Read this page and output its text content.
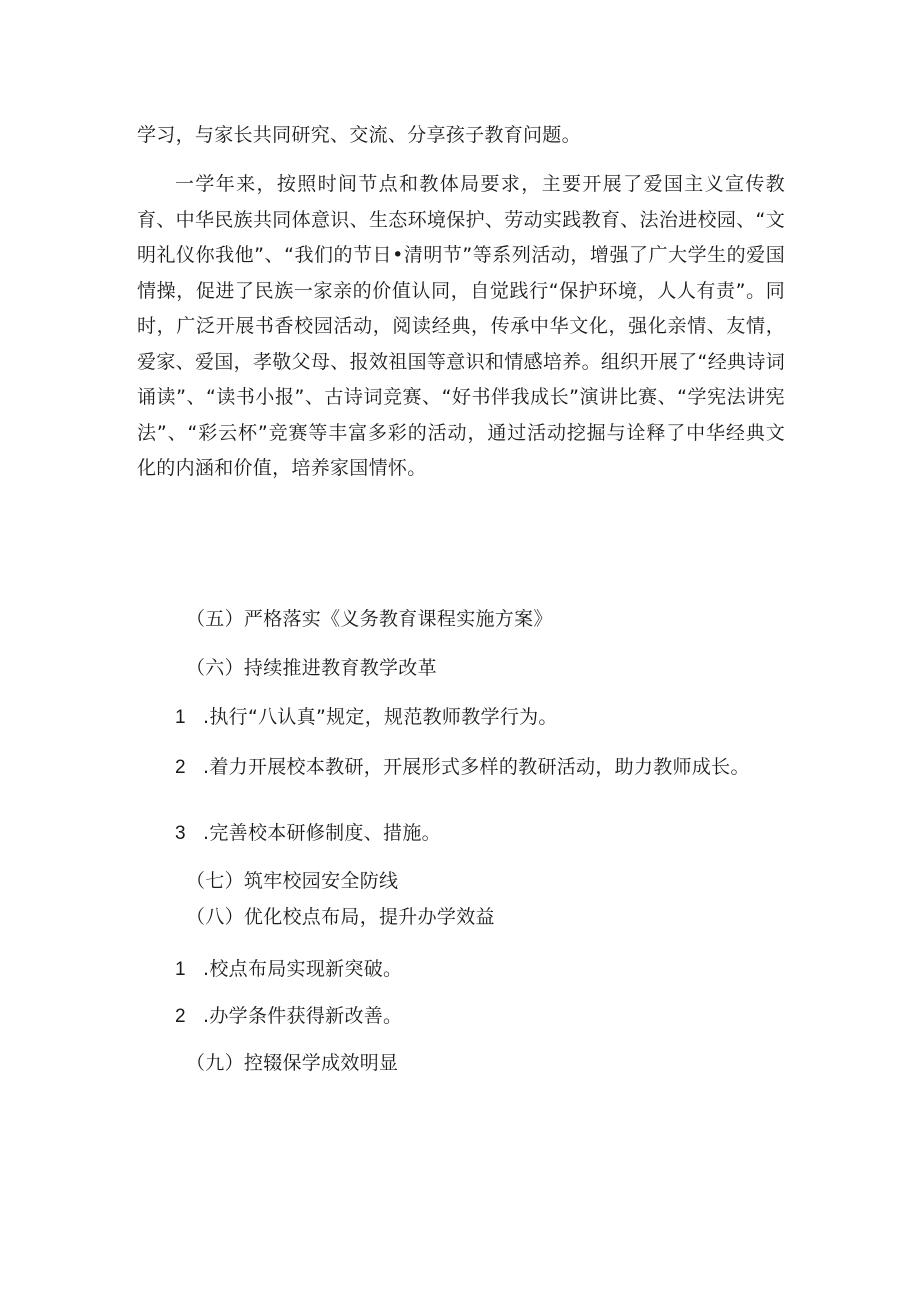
学习，与家长共同研究、交流、分享孩子教育问题。

一学年来，按照时间节点和教体局要求，主要开展了爱国主义宣传教育、中华民族共同体意识、生态环境保护、劳动实践教育、法治进校园、“文明礼仪你我他”、“我们的节日•清明节”等系列活动，增强了广大学生的爱国情操，促进了民族一家亲的价值认同，自觉践行“保护环境，人人有责”。同时，广泛开展书香校园活动，阅读经典，传承中华文化，强化亲情、友情，爱家、爱国，孝敬父母、报效祖国等意识和情感培养。组织开展了“经典诗词诵读”、“读书小报”、古诗词竞赛、“好书伴我成长”演讲比赛、“学宪法讲宪法”、“彩云杯”竞赛等丰富多彩的活动，通过活动挖掘与诠释了中华经典文化的内涵和价值，培养家国情怀。

（五）严格落实《义务教育课程实施方案》

（六）持续推进教育教学改革

1 .执行“八认真”规定，规范教师教学行为。

2 .着力开展校本教研，开展形式多样的教研活动，助力教师成长。

3 .完善校本研修制度、措施。

（七）筑牢校园安全防线

（八）优化校点布局，提升办学效益

1 .校点布局实现新突破。

2 .办学条件获得新改善。

（九）控辍保学成效明显
